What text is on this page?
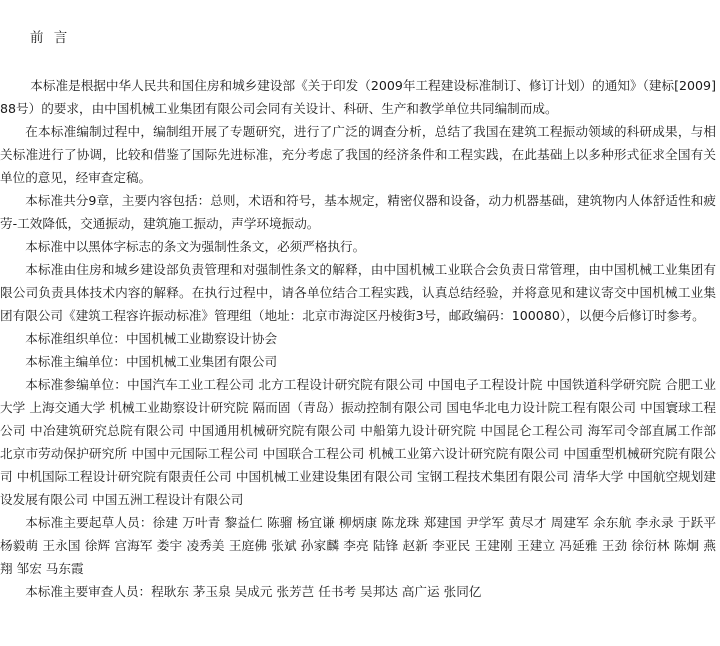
前 言

本标准是根据中华人民共和国住房和城乡建设部《关于印发（2009年工程建设标准制订、修订计划）的通知》（建标[2009] 88号）的要求，由中国机械工业集团有限公司会同有关设计、科研、生产和教学单位共同编制而成。

在本标准编制过程中，编制组开展了专题研究，进行了广泛的调查分析，总结了我国在建筑工程振动领域的科研成果，与相关标准进行了协调，比较和借鉴了国际先进标准，充分考虑了我国的经济条件和工程实践，在此基础上以多种形式征求全国有关单位的意见，经审查定稿。

本标准共分9章，主要内容包括：总则，术语和符号，基本规定，精密仪器和设备，动力机器基础，建筑物内人体舒适性和疲劳-工效降低，交通振动，建筑施工振动，声学环境振动。

本标准中以黑体字标志的条文为强制性条文，必须严格执行。

本标准由住房和城乡建设部负责管理和对强制性条文的解释，由中国机械工业联合会负责日常管理，由中国机械工业集团有限公司负责具体技术内容的解释。在执行过程中，请各单位结合工程实践，认真总结经验，并将意见和建议寄交中国机械工业集团有限公司《建筑工程容许振动标准》管理组（地址：北京市海淀区丹棱街3号，邮政编码：100080），以便今后修订时参考。

本标准组织单位：中国机械工业勘察设计协会

本标准主编单位：中国机械工业集团有限公司

本标准参编单位：中国汽车工业工程公司 北方工程设计研究院有限公司 中国电子工程设计院 中国铁道科学研究院 合肥工业大学 上海交通大学 机械工业勘察设计研究院 隔而固（青岛）振动控制有限公司 国电华北电力设计院工程有限公司 中国寰球工程公司 中冶建筑研究总院有限公司 中国通用机械研究院有限公司 中船第九设计研究院 中国昆仑工程公司 海军司令部直属工作部 北京市劳动保护研究所 中国中元国际工程公司 中国联合工程公司 机械工业第六设计研究院有限公司 中国重型机械研究院有限公司 中机国际工程设计研究院有限责任公司 中国机械工业建设集团有限公司 宝钢工程技术集团有限公司 清华大学 中国航空规划建设发展有限公司 中国五洲工程设计有限公司

本标准主要起草人员：徐建 万叶青 黎益仁 陈骝 杨宜谦 柳炳康 陈龙珠 郑建国 尹学军 黄尽才 周建军 余东航 李永录 于跃平 杨毅萌 王永国 徐辉 宫海军 娄宇 凌秀美 王庭佛 张斌 孙家麟 李亮 陆锋 赵新 李亚民 王建刚 王建立 冯延雅 王劲 徐衍林 陈炯 燕翔 邹宏 马东霞

本标准主要审查人员：程耿东 茅玉泉 吴成元 张芳芑 任书考 吴邦达 高广运 张同亿
